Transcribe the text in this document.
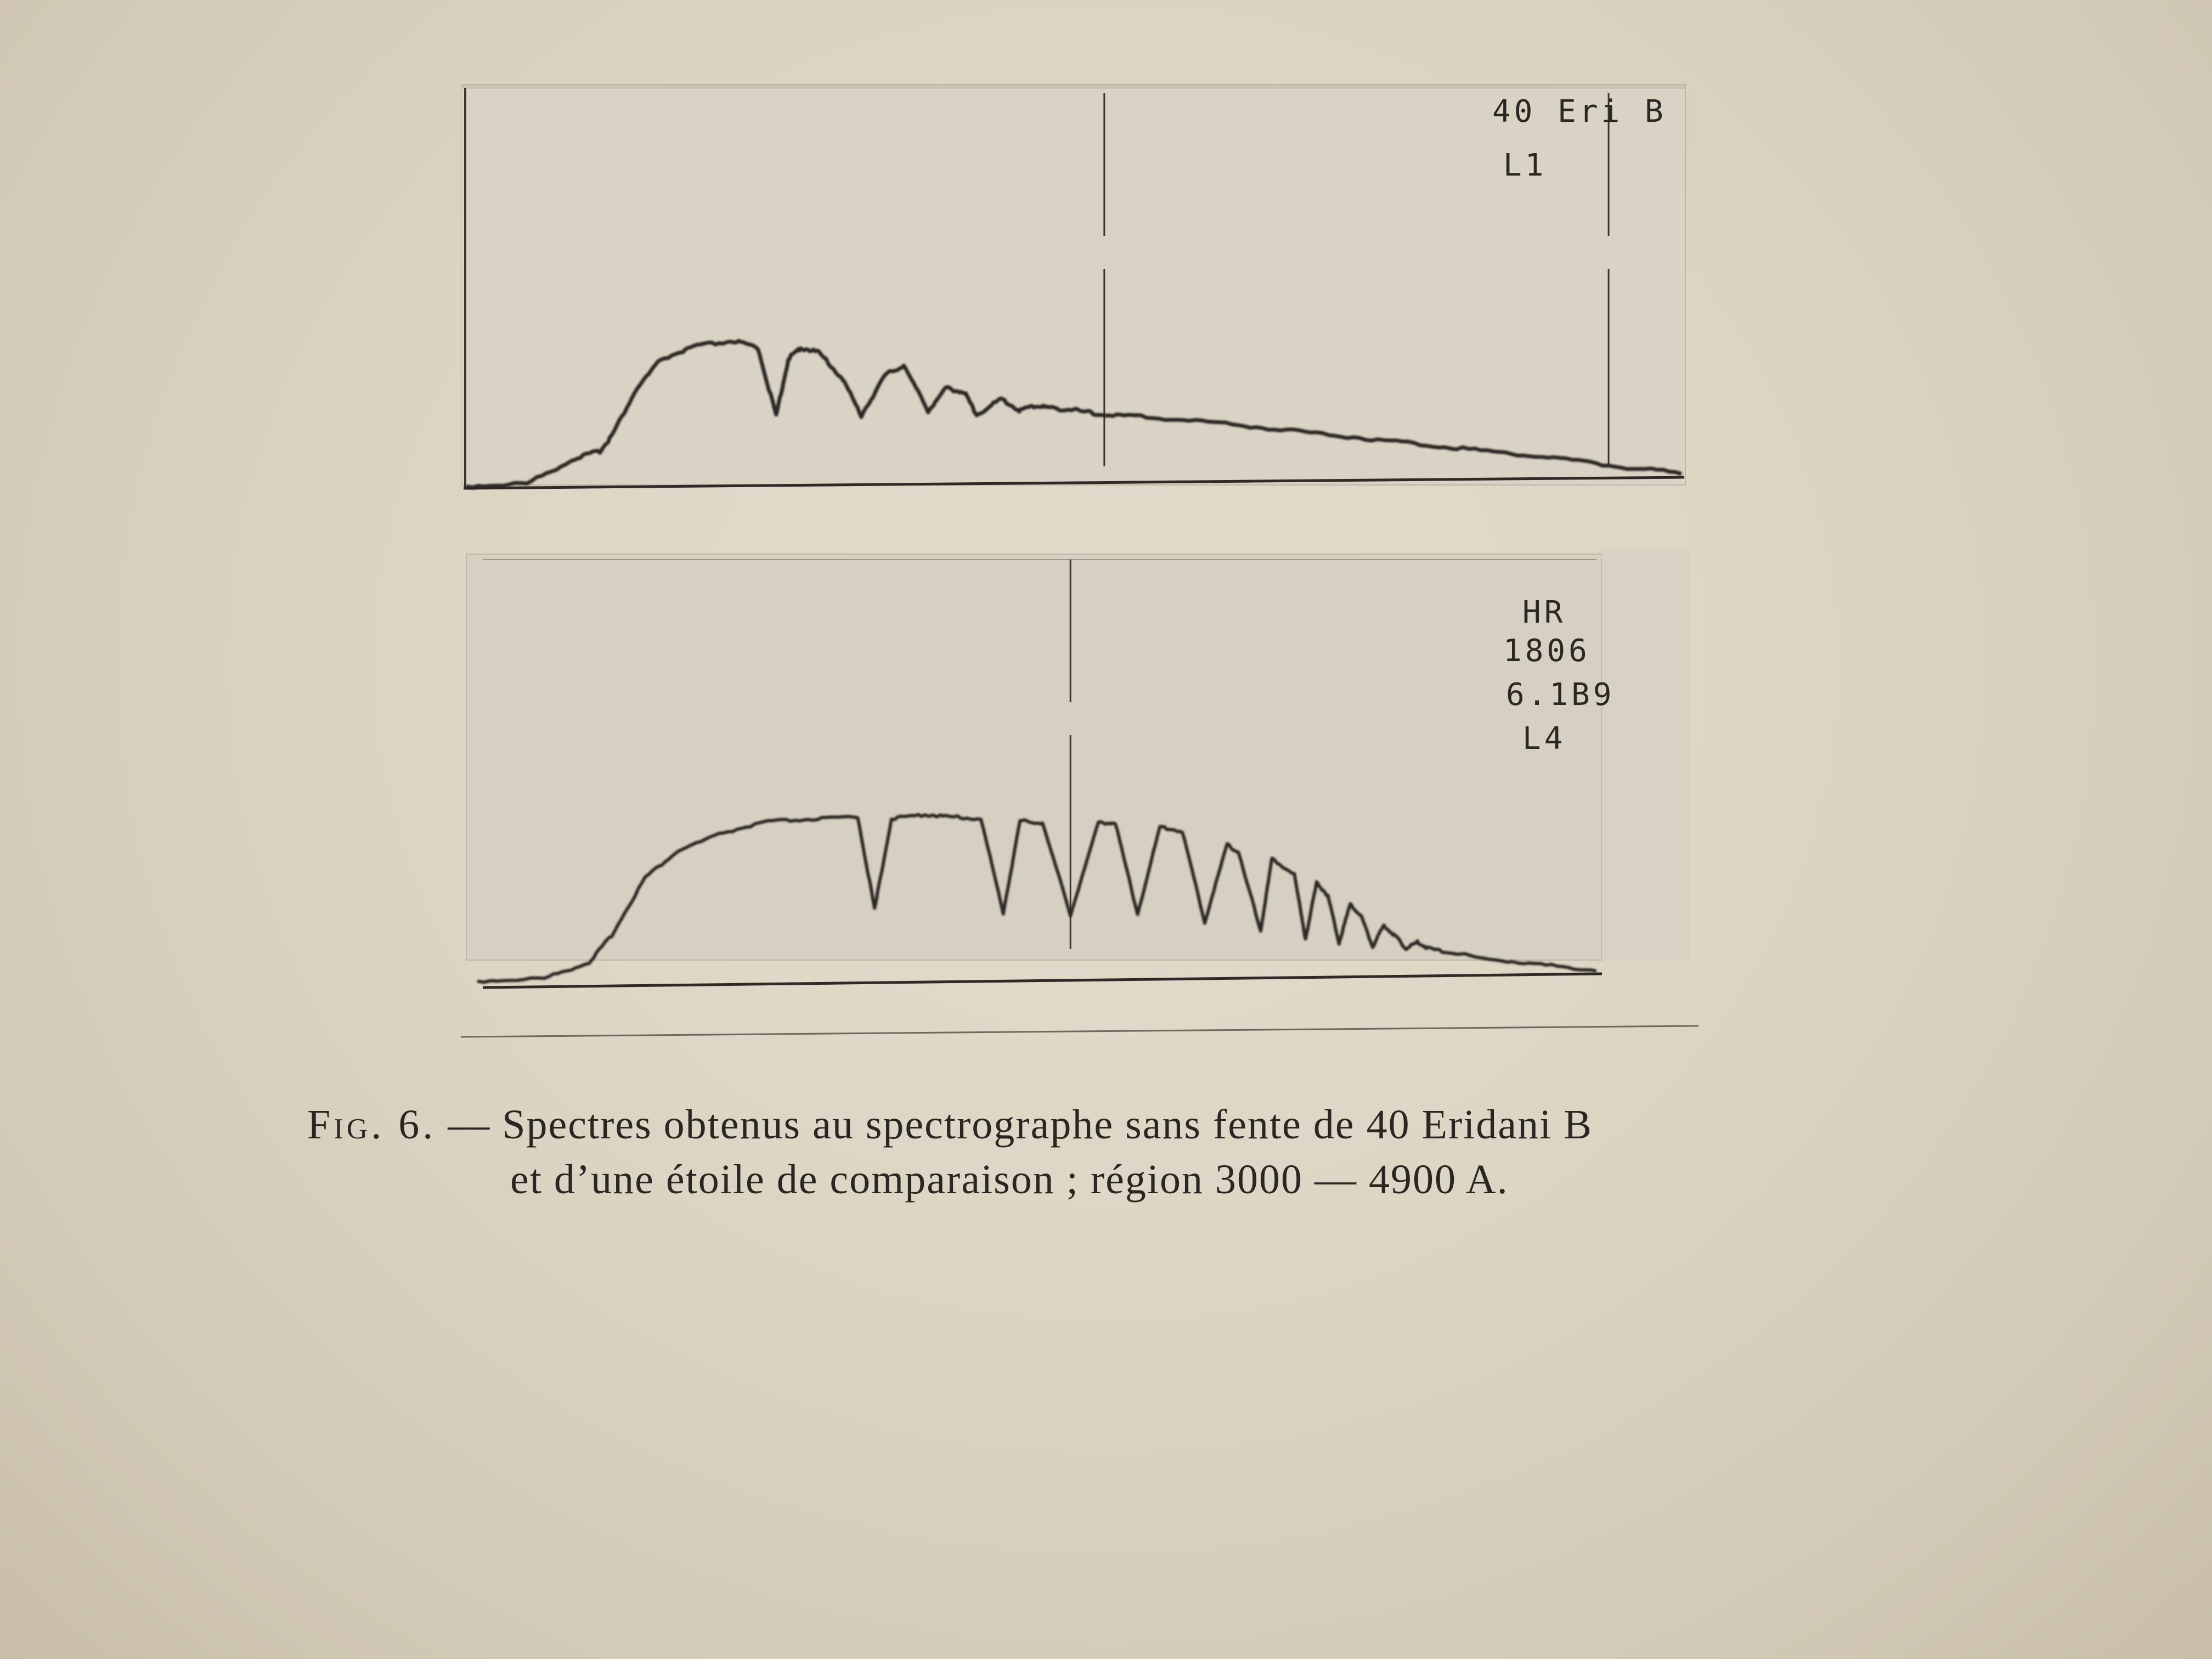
40 Eri B
L1
HR
1806
6.1B9
L4
Fig. 6. — Spectres obtenus au spectrographe sans fente de 40 Eridani B
et d’une étoile de comparaison ; région 3000 — 4900 A.
